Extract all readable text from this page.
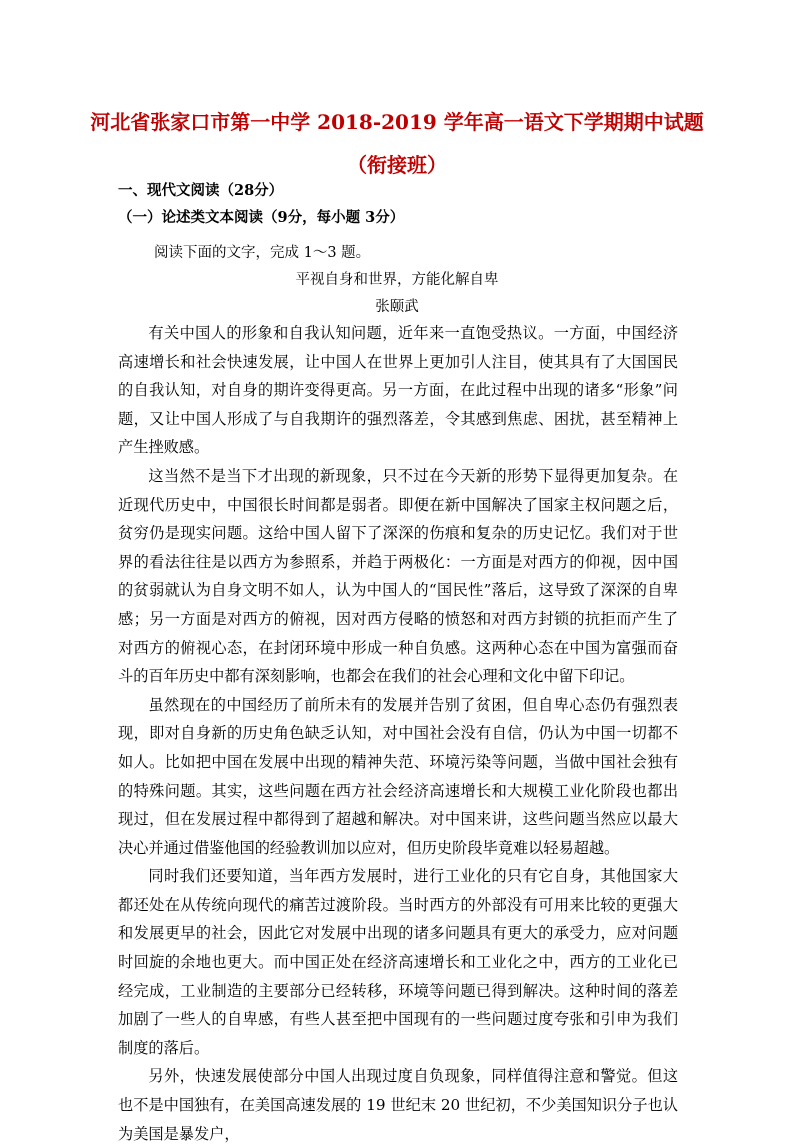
河北省张家口市第一中学 2018-2019 学年高一语文下学期期中试题
（衔接班）
一、现代文阅读（28分）
（一）论述类文本阅读（9分，每小题 3分）
阅读下面的文字，完成 1～3 题。
平视自身和世界，方能化解自卑
张颐武

有关中国人的形象和自我认知问题，近年来一直饱受热议。一方面，中国经济高速增长和社会快速发展，让中国人在世界上更加引人注目，使其具有了大国国民的自我认知，对自身的期许变得更高。另一方面，在此过程中出现的诸多“形象”问题，又让中国人形成了与自我期许的强烈落差，令其感到焦虑、困扰，甚至精神上产生挫败感。

这当然不是当下才出现的新现象，只不过在今天新的形势下显得更加复杂。在近现代历史中，中国很长时间都是弱者。即便在新中国解决了国家主权问题之后，贫穷仍是现实问题。这给中国人留下了深深的伤痕和复杂的历史记忆。我们对于世界的看法往往是以西方为参照系，并趋于两极化：一方面是对西方的仰视，因中国的贫弱就认为自身文明不如人，认为中国人的“国民性”落后，这导致了深深的自卑感；另一方面是对西方的俯视，因对西方侵略的愤怒和对西方封锁的抗拒而产生了对西方的俯视心态，在封闭环境中形成一种自负感。这两种心态在中国为富强而奋斗的百年历史中都有深刻影响，也都会在我们的社会心理和文化中留下印记。

虽然现在的中国经历了前所未有的发展并告别了贫困，但自卑心态仍有强烈表现，即对自身新的历史角色缺乏认知，对中国社会没有自信，仍认为中国一切都不如人。比如把中国在发展中出现的精神失范、环境污染等问题，当做中国社会独有的特殊问题。其实，这些问题在西方社会经济高速增长和大规模工业化阶段也都出现过，但在发展过程中都得到了超越和解决。对中国来讲，这些问题当然应以最大决心并通过借鉴他国的经验教训加以应对，但历史阶段毕竟难以轻易超越。

同时我们还要知道，当年西方发展时，进行工业化的只有它自身，其他国家大都还处在从传统向现代的痛苦过渡阶段。当时西方的外部没有可用来比较的更强大和发展更早的社会，因此它对发展中出现的诸多问题具有更大的承受力，应对问题时回旋的余地也更大。而中国正处在经济高速增长和工业化之中，西方的工业化已经完成，工业制造的主要部分已经转移，环境等问题已得到解决。这种时间的落差加剧了一些人的自卑感，有些人甚至把中国现有的一些问题过度夸张和引申为我们制度的落后。

另外，快速发展使部分中国人出现过度自负现象，同样值得注意和警觉。但这也不是中国独有，在美国高速发展的 19 世纪末 20 世纪初，不少美国知识分子也认为美国是暴发户，
